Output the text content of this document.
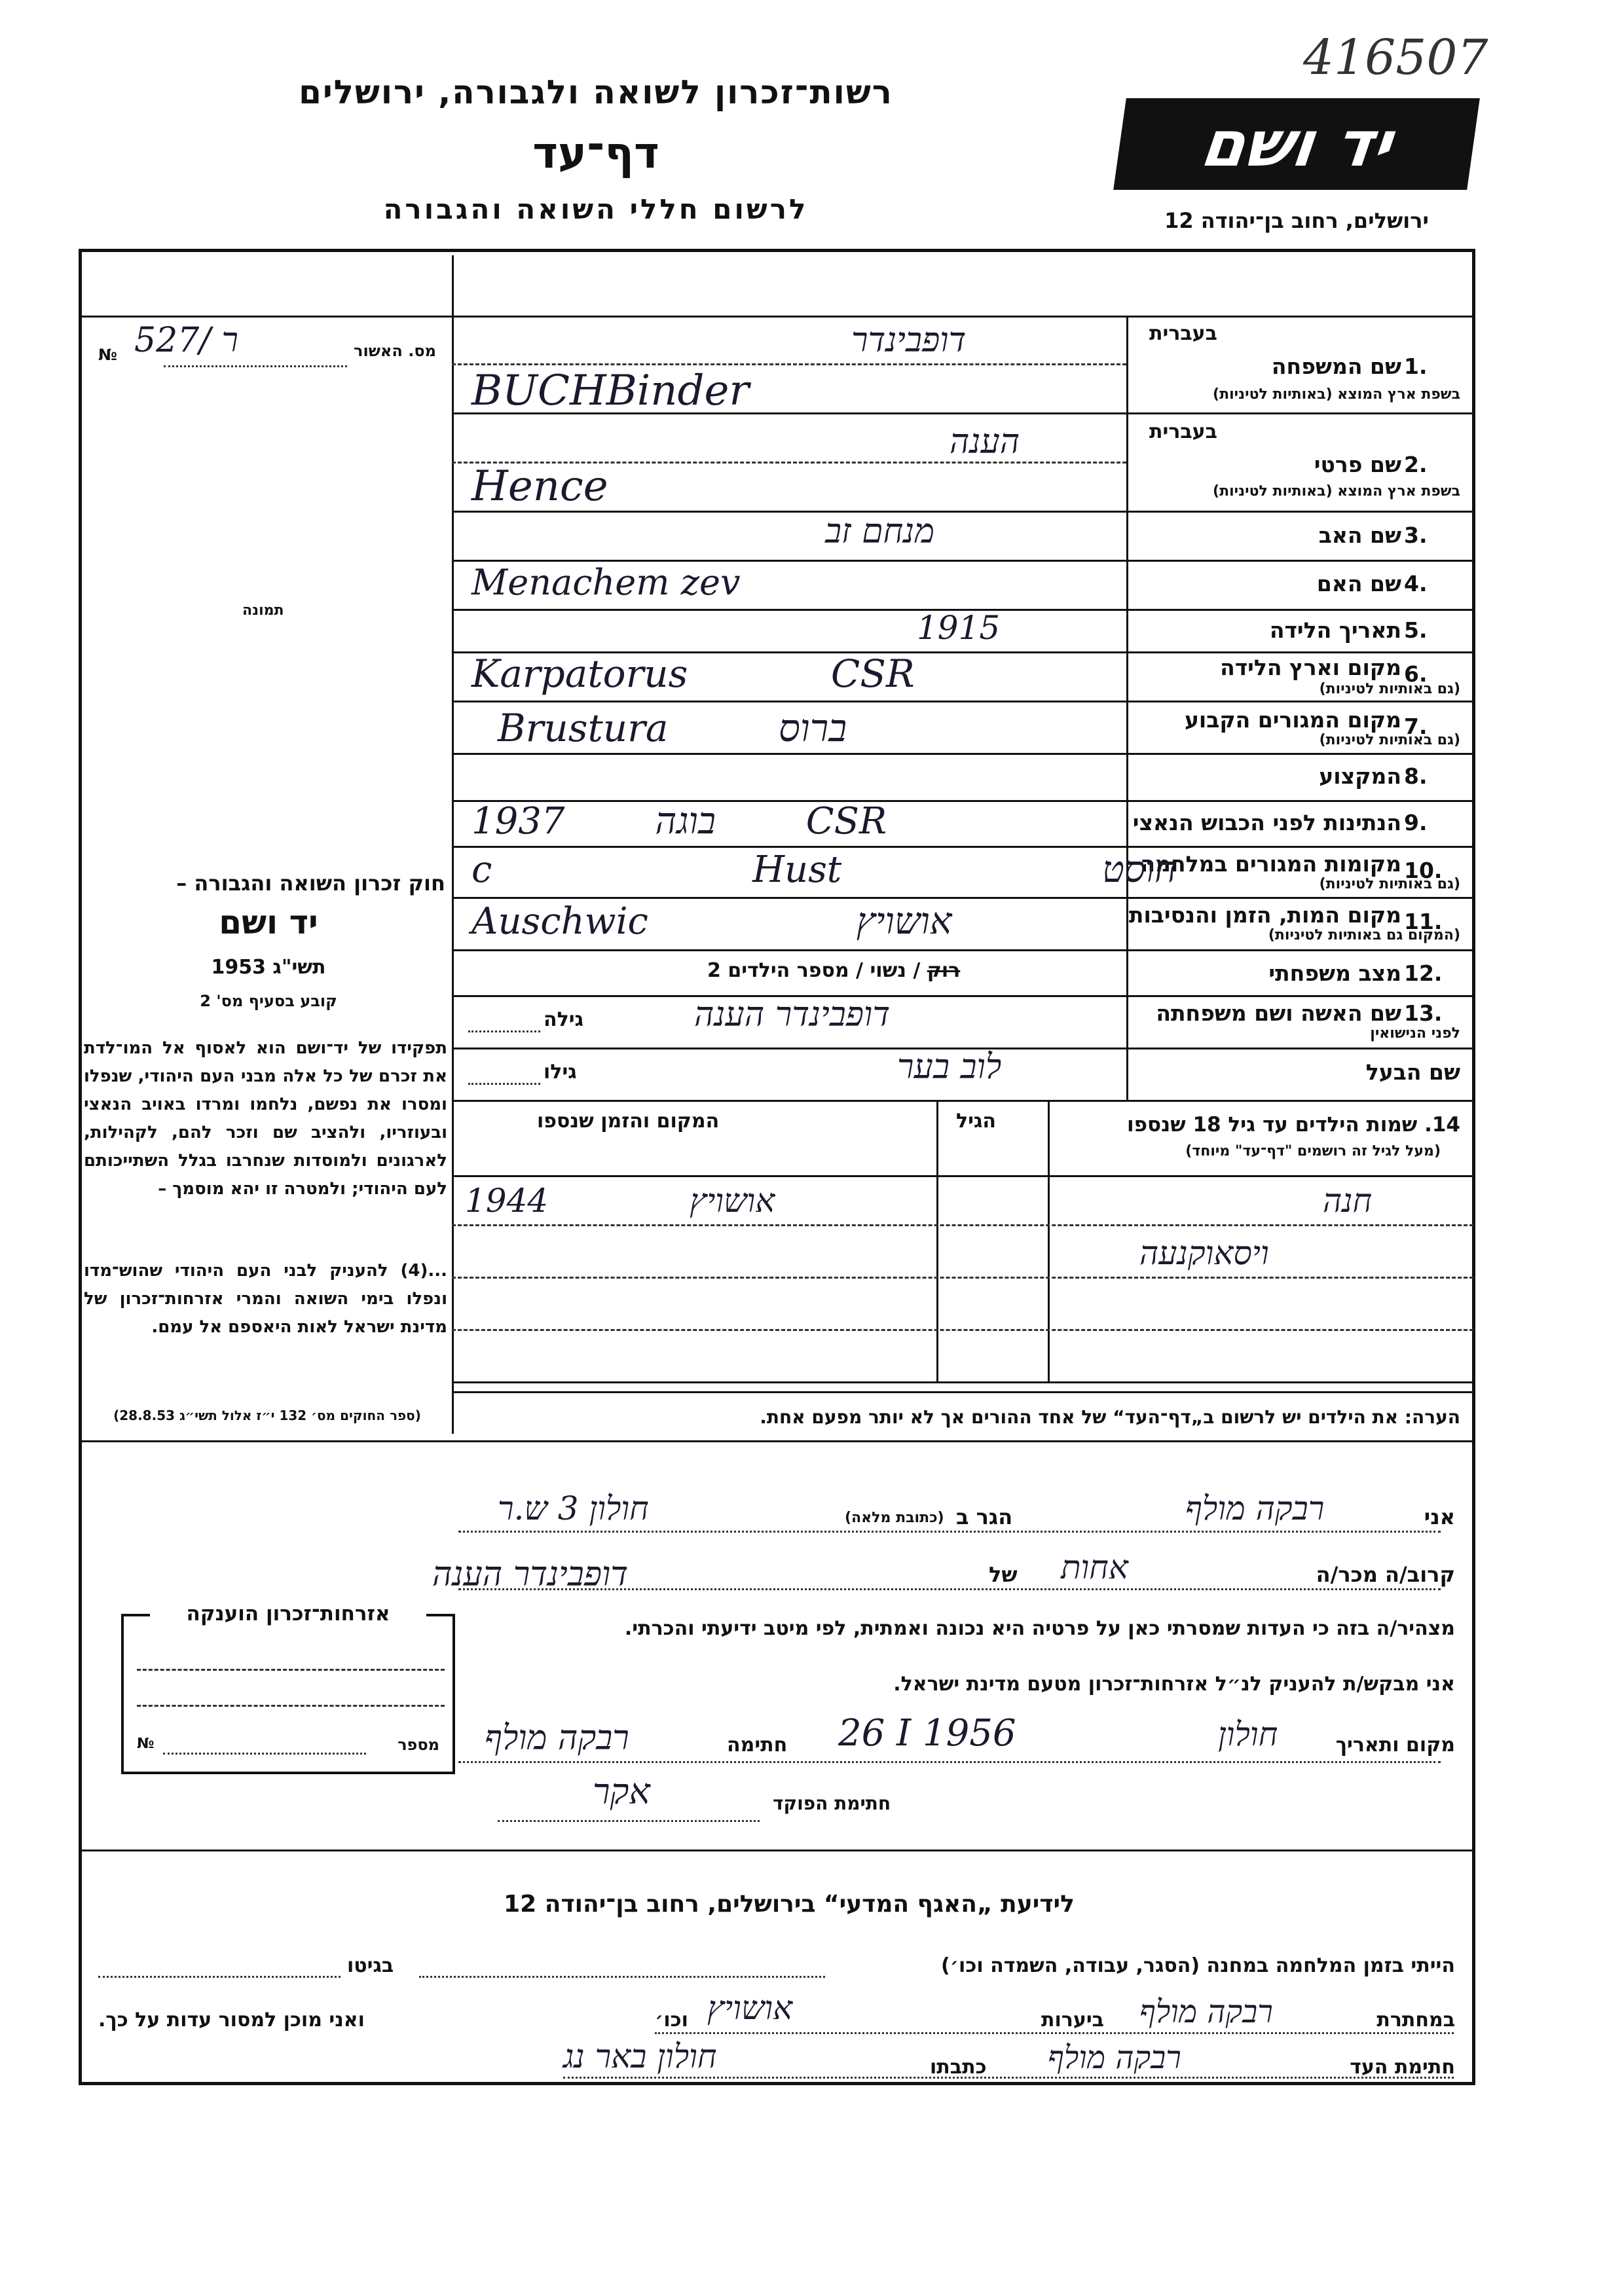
רשות־זכרון לשואה ולגבורה, ירושלים
דף־עד
לרשום חללי השואה והגבורה
יד ושם
ירושלים, רחוב בן־יהודה 12
416507
מס. האשור
№ 527/ ר
תמונה
בעברית
שם המשפחה 1.
בשפת ארץ המוצא (באותיות לטיניות)
דופבינדר
BUCHBinder
בעברית
שם פרטי 2.
בשפת ארץ המוצא (באותיות לטיניות)
הענה
Hence
שם האב 3.
מנחם זב
שם האם 4.
Menachem zev
תאריך הלידה 5.
1915
מקום וארץ הלידה 6.
(גם באותיות לטיניות)
Karpatorus CSR
מקום המגורים הקבוע 7.
(גם באותיות לטיניות)
Brustura ברוס
המקצוע 8.
הנתינות לפני הכבוש הנאצי 9.
בוגה 1937 CSR
מקומות המגורים במלחמה 10.
(גם באותיות לטיניות)
c Hust חוסט
מקום המות, הזמן והנסיבות 11.
(המקום גם באותיות לטיניות)
Auschwic אושויץ
מצב משפחתי 12.
רוק / נשוי / מספר הילדים 2
שם האשה ושם משפחתה 13.
לפני הנישואין
גילה	דופבינדר הענה
שם הבעל
גילו	לוב בער
14. שמות הילדים עד גיל 18 שנספו
(מעל לגיל זה רושמים "דף־עד" מיוחד)
הגיל
המקום והזמן שנספו
חנה
1944 אושויץ
ויסאוקנעה
הערה: את הילדים יש לרשום ב„דף־העד“ של אחד ההורים אך לא יותר מפעם אחת.
חוק זכרון השואה והגבורה –
יד ושם
תשי"ג 1953
קובע בסעיף מס' 2
תפקידו של יד־ושם הוא לאסוף אל המו־לדת את זכרם של כל אלה מבני העם היהודי, שנפלו ומסרו את נפשם, נלחמו ומרדו באויב הנאצי ובעוזריו, ולהציב שם וזכר להם, לקהילות, לארגונים ולמוסדות שנחרבו בגלל השתייכותם לעם היהודי; ולמטרה זו יהא מוסמך –
...(4) להעניק לבני העם היהודי שהוש־מדו ונפלו בימי השואה והמרי אזרחות־זכרון של מדינת ישראל לאות היאספם אל עמם.
(ספר החוקים מס׳ 132 י״ז אלול תשי״ג 28.8.53)
אני
רבקה מולף
הגר ב
(כתובת מלאה)
חולון 3 ש.ר
קרוב/ה מכר/ה
אחות
של
דופבינדר הענה
מצהיר/ה בזה כי העדות שמסרתי כאן על פרטיה היא נכונה ואמתית, לפי מיטב ידיעתי והכרתי.
אני מבקש/ת להעניק לנ״ל אזרחות־זכרון מטעם מדינת ישראל.
מקום ותאריך
חולון
26 I 1956
חתימה
רבקה מולף
חתימת הפוקד
אקר
אזרחות־זכרון הוענקה
מספר
№
לידיעת „האגף המדעי“ בירושלים, רחוב בן־יהודה 12
הייתי בזמן המלחמה במחנה (הסגר, עבודה, השמדה וכו׳)
בגיטו
במחתרת
רבקה מולף
ביערות
אושויץ
וכו׳
ואני מוכן למסור עדות על כך.
חתימת העד
רבקה מולף
כתבתו
חולון באר נג
